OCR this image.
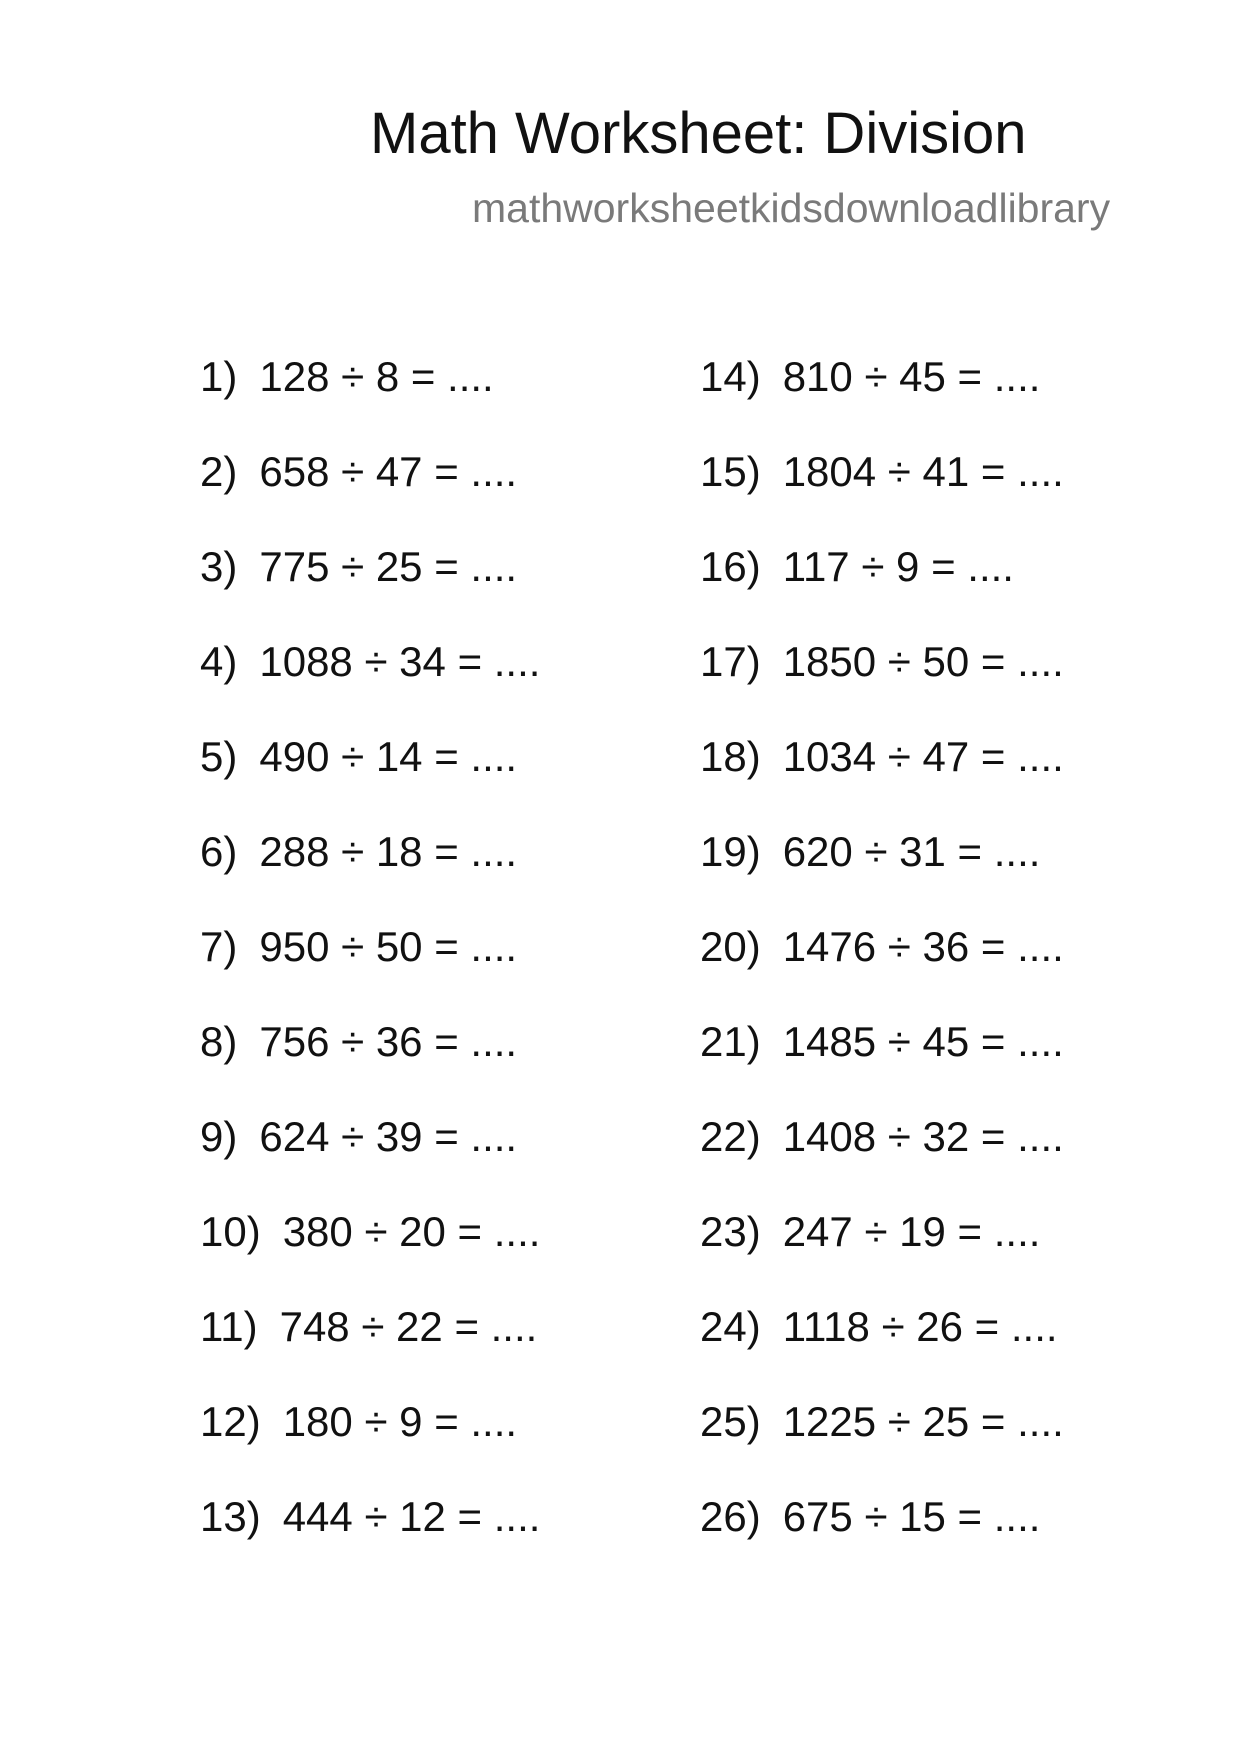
Math Worksheet: Division
mathworksheetkidsdownloadlibrary
1) 128 ÷ 8 = ....
2) 658 ÷ 47 = ....
3) 775 ÷ 25 = ....
4) 1088 ÷ 34 = ....
5) 490 ÷ 14 = ....
6) 288 ÷ 18 = ....
7) 950 ÷ 50 = ....
8) 756 ÷ 36 = ....
9) 624 ÷ 39 = ....
10) 380 ÷ 20 = ....
11) 748 ÷ 22 = ....
12) 180 ÷ 9 = ....
13) 444 ÷ 12 = ....
14) 810 ÷ 45 = ....
15) 1804 ÷ 41 = ....
16) 117 ÷ 9 = ....
17) 1850 ÷ 50 = ....
18) 1034 ÷ 47 = ....
19) 620 ÷ 31 = ....
20) 1476 ÷ 36 = ....
21) 1485 ÷ 45 = ....
22) 1408 ÷ 32 = ....
23) 247 ÷ 19 = ....
24) 1118 ÷ 26 = ....
25) 1225 ÷ 25 = ....
26) 675 ÷ 15 = ....
